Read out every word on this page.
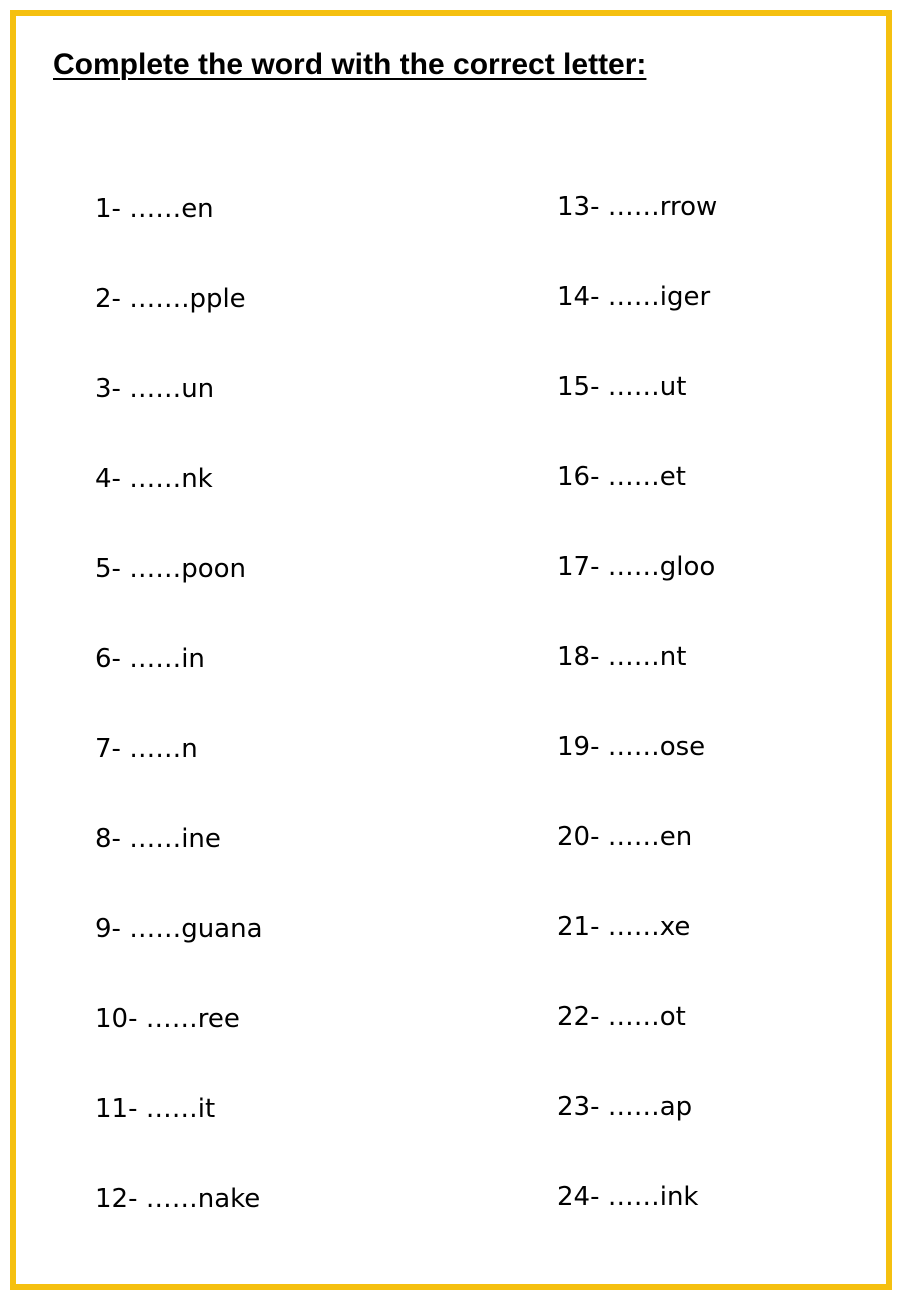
Complete the word with the correct letter:
1- ……en
2- …….pple
3- ……un
4- ……nk
5- ……poon
6- ……in
7- ……n
8- ……ine
9- ……guana
10- ……ree
11- ……it
12- ……nake
13- ……rrow
14- ……iger
15- ……ut
16- ……et
17- ……gloo
18- ……nt
19- ……ose
20- ……en
21- ……xe
22- ……ot
23- ……ap
24- ……ink
